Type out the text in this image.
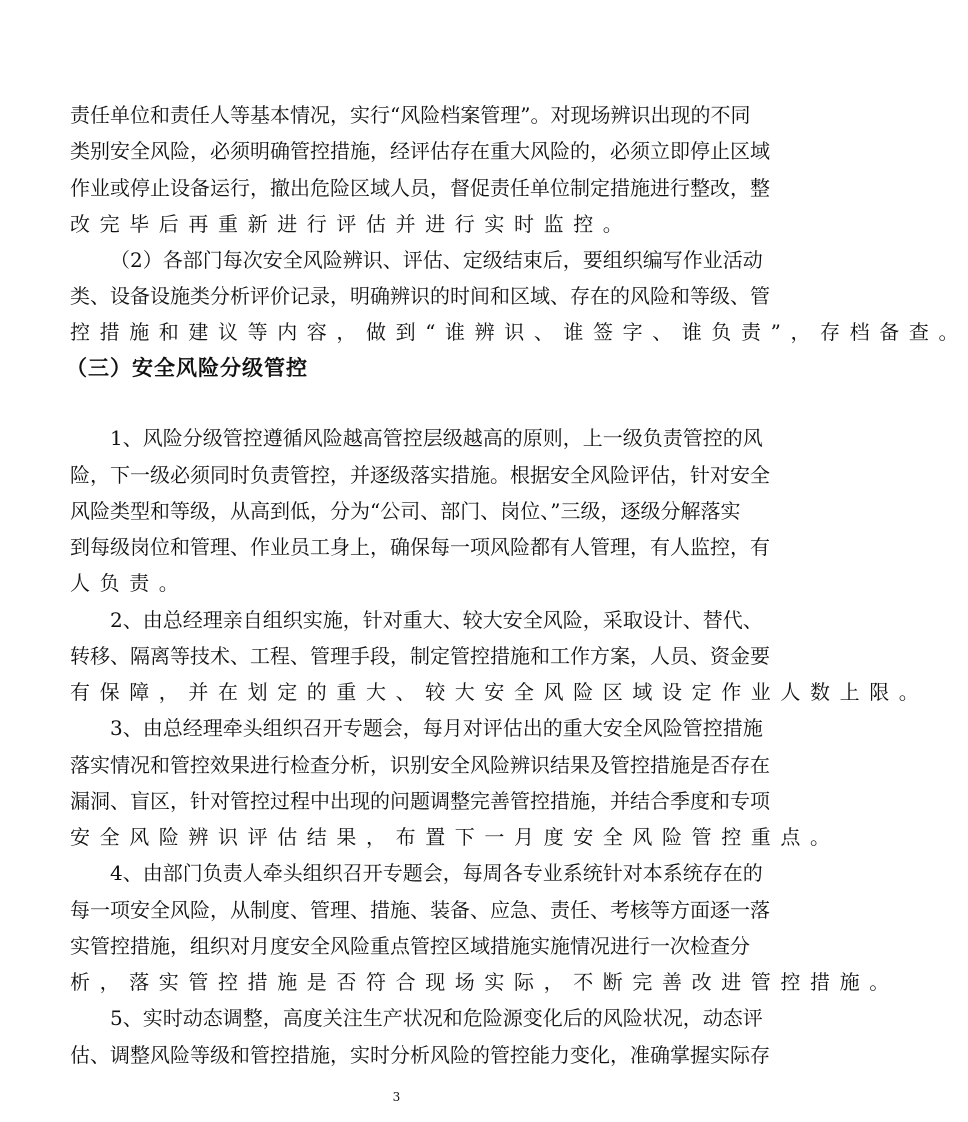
责任单位和责任人等基本情况，实行“风险档案管理”。对现场辨识出现的不同
类别安全风险，必须明确管控措施，经评估存在重大风险的，必须立即停止区域
作业或停止设备运行，撤出危险区域人员，督促责任单位制定措施进行整改，整
改完毕后再重新进行评估并进行实时监控。
（2）各部门每次安全风险辨识、评估、定级结束后，要组织编写作业活动
类、设备设施类分析评价记录，明确辨识的时间和区域、存在的风险和等级、管
控措施和建议等内容，做到“谁辨识、谁签字、谁负责”，存档备查。
（三）安全风险分级管控
1、风险分级管控遵循风险越高管控层级越高的原则，上一级负责管控的风
险，下一级必须同时负责管控，并逐级落实措施。根据安全风险评估，针对安全
风险类型和等级，从高到低，分为“公司、部门、岗位、”三级，逐级分解落实
到每级岗位和管理、作业员工身上，确保每一项风险都有人管理，有人监控，有
人负责。
2、由总经理亲自组织实施，针对重大、较大安全风险，采取设计、替代、
转移、隔离等技术、工程、管理手段，制定管控措施和工作方案，人员、资金要
有保障，并在划定的重大、较大安全风险区域设定作业人数上限。
3、由总经理牵头组织召开专题会，每月对评估出的重大安全风险管控措施
落实情况和管控效果进行检查分析，识别安全风险辨识结果及管控措施是否存在
漏洞、盲区，针对管控过程中出现的问题调整完善管控措施，并结合季度和专项
安全风险辨识评估结果，布置下一月度安全风险管控重点。
4、由部门负责人牵头组织召开专题会，每周各专业系统针对本系统存在的
每一项安全风险，从制度、管理、措施、装备、应急、责任、考核等方面逐一落
实管控措施，组织对月度安全风险重点管控区域措施实施情况进行一次检查分
析，落实管控措施是否符合现场实际，不断完善改进管控措施。
5、实时动态调整，高度关注生产状况和危险源变化后的风险状况，动态评
估、调整风险等级和管控措施，实时分析风险的管控能力变化，准确掌握实际存
3
